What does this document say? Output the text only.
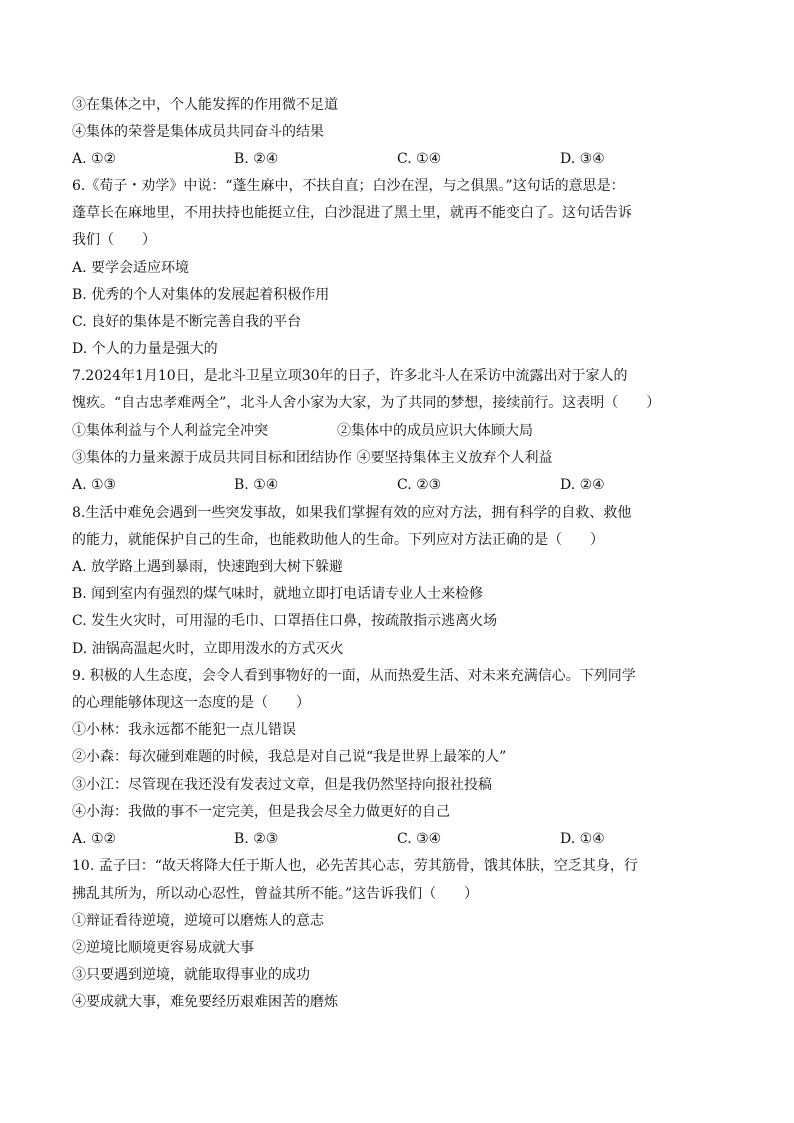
③在集体之中，个人能发挥的作用微不足道
④集体的荣誉是集体成员共同奋斗的结果
A. ①②	B. ②④	C. ①④	D. ③④
6.《荀子・劝学》中说：“蓬生麻中，不扶自直；白沙在涅，与之俱黑。”这句话的意思是：
蓬草长在麻地里，不用扶持也能挺立住，白沙混进了黑土里，就再不能变白了。这句话告诉
我们（　　）
A. 要学会适应环境
B. 优秀的个人对集体的发展起着积极作用
C. 良好的集体是不断完善自我的平台
D. 个人的力量是强大的
7.2024年1月10日，是北斗卫星立项30年的日子，许多北斗人在采访中流露出对于家人的
愧疚。“自古忠孝难两全”，北斗人舍小家为大家，为了共同的梦想，接续前行。这表明（　　）
①集体利益与个人利益完全冲突	②集体中的成员应识大体顾大局
③集体的力量来源于成员共同目标和团结协作 ④要坚持集体主义放弃个人利益
A. ①③	B. ①④	C. ②③	D. ②④
8.生活中难免会遇到一些突发事故，如果我们掌握有效的应对方法，拥有科学的自救、救他
的能力，就能保护自己的生命，也能救助他人的生命。下列应对方法正确的是（　　）
A. 放学路上遇到暴雨，快速跑到大树下躲避
B. 闻到室内有强烈的煤气味时，就地立即打电话请专业人士来检修
C. 发生火灾时，可用湿的毛巾、口罩捂住口鼻，按疏散指示逃离火场
D. 油锅高温起火时，立即用泼水的方式灭火
9. 积极的人生态度，会令人看到事物好的一面，从而热爱生活、对未来充满信心。下列同学
的心理能够体现这一态度的是（　　）
①小林：我永远都不能犯一点儿错误
②小森：每次碰到难题的时候，我总是对自己说“我是世界上最笨的人”
③小江：尽管现在我还没有发表过文章，但是我仍然坚持向报社投稿
④小海：我做的事不一定完美，但是我会尽全力做更好的自己
A. ①②	B. ②③	C. ③④	D. ①④
10. 孟子曰：“故天将降大任于斯人也，必先苦其心志，劳其筋骨，饿其体肤，空乏其身，行
拂乱其所为，所以动心忍性，曾益其所不能。”这告诉我们（　　）
①辩证看待逆境，逆境可以磨炼人的意志
②逆境比顺境更容易成就大事
③只要遇到逆境，就能取得事业的成功
④要成就大事，难免要经历艰难困苦的磨炼
